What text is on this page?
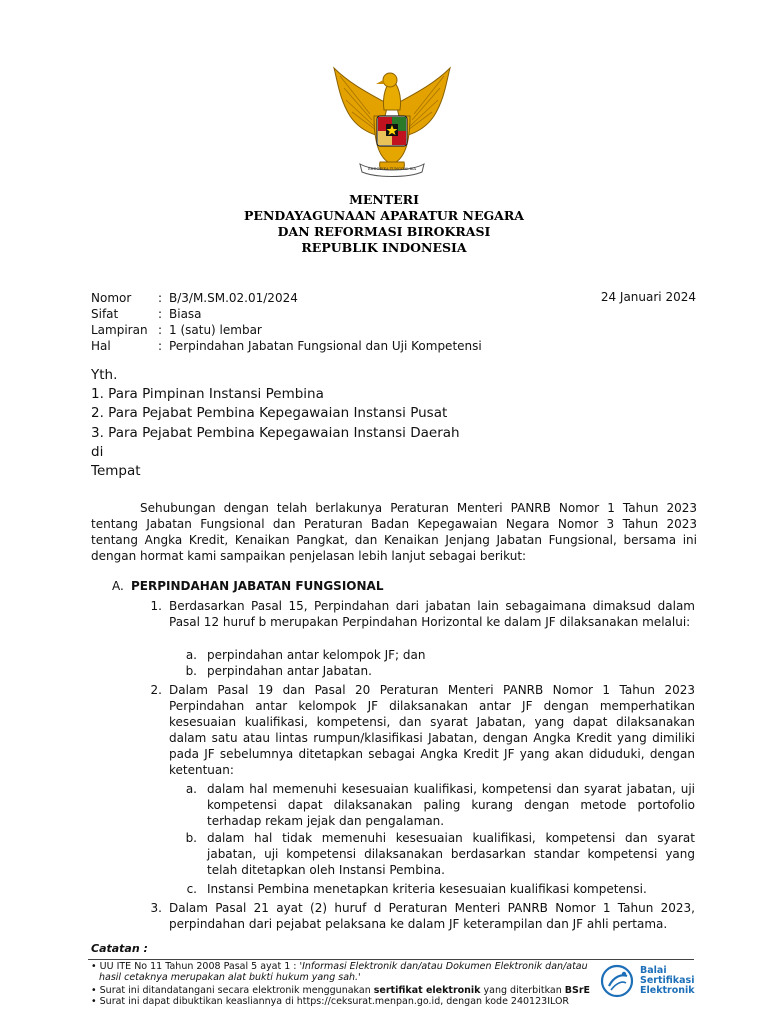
BHINNEKA TUNGGAL IKA
MENTERI
PENDAYAGUNAAN APARATUR NEGARA
DAN REFORMASI BIROKRASI
REPUBLIK INDONESIA
Nomor : B/3/M.SM.02.01/2024
Sifat	: Biasa
Lampiran : 1 (satu) lembar
Hal	: Perpindahan Jabatan Fungsional dan Uji Kompetensi
24 Januari 2024
Yth.
1. Para Pimpinan Instansi Pembina
2. Para Pejabat Pembina Kepegawaian Instansi Pusat
3. Para Pejabat Pembina Kepegawaian Instansi Daerah
di
Tempat
Sehubungan dengan telah berlakunya Peraturan Menteri PANRB Nomor 1 Tahun 2023 tentang Jabatan Fungsional dan Peraturan Badan Kepegawaian Negara Nomor 3 Tahun 2023 tentang Angka Kredit, Kenaikan Pangkat, dan Kenaikan Jenjang Jabatan Fungsional, bersama ini dengan hormat kami sampaikan penjelasan lebih lanjut sebagai berikut:
A. PERPINDAHAN JABATAN FUNGSIONAL
1. Berdasarkan Pasal 15, Perpindahan dari jabatan lain sebagaimana dimaksud dalam Pasal 12 huruf b merupakan Perpindahan Horizontal ke dalam JF dilaksanakan melalui:
a. perpindahan antar kelompok JF; dan
b. perpindahan antar Jabatan.
2. Dalam Pasal 19 dan Pasal 20 Peraturan Menteri PANRB Nomor 1 Tahun 2023 Perpindahan antar kelompok JF dilaksanakan antar JF dengan memperhatikan kesesuaian kualifikasi, kompetensi, dan syarat Jabatan, yang dapat dilaksanakan dalam satu atau lintas rumpun/klasifikasi Jabatan, dengan Angka Kredit yang dimiliki pada JF sebelumnya ditetapkan sebagai Angka Kredit JF yang akan diduduki, dengan ketentuan:
a. dalam hal memenuhi kesesuaian kualifikasi, kompetensi dan syarat jabatan, uji kompetensi dapat dilaksanakan paling kurang dengan metode portofolio terhadap rekam jejak dan pengalaman.
b. dalam hal tidak memenuhi kesesuaian kualifikasi, kompetensi dan syarat jabatan, uji kompetensi dilaksanakan berdasarkan standar kompetensi yang telah ditetapkan oleh Instansi Pembina.
c. Instansi Pembina menetapkan kriteria kesesuaian kualifikasi kompetensi.
3. Dalam Pasal 21 ayat (2) huruf d Peraturan Menteri PANRB Nomor 1 Tahun 2023, perpindahan dari pejabat pelaksana ke dalam JF keterampilan dan JF ahli pertama.
Catatan :
• UU ITE No 11 Tahun 2008 Pasal 5 ayat 1 : 'Informasi Elektronik dan/atau Dokumen Elektronik dan/atau
hasil cetaknya merupakan alat bukti hukum yang sah.'
• Surat ini ditandatangani secara elektronik menggunakan sertifikat elektronik yang diterbitkan BSrE
• Surat ini dapat dibuktikan keasliannya di https://ceksurat.menpan.go.id, dengan kode 240123ILOR
Balai
Sertifikasi
Elektronik
